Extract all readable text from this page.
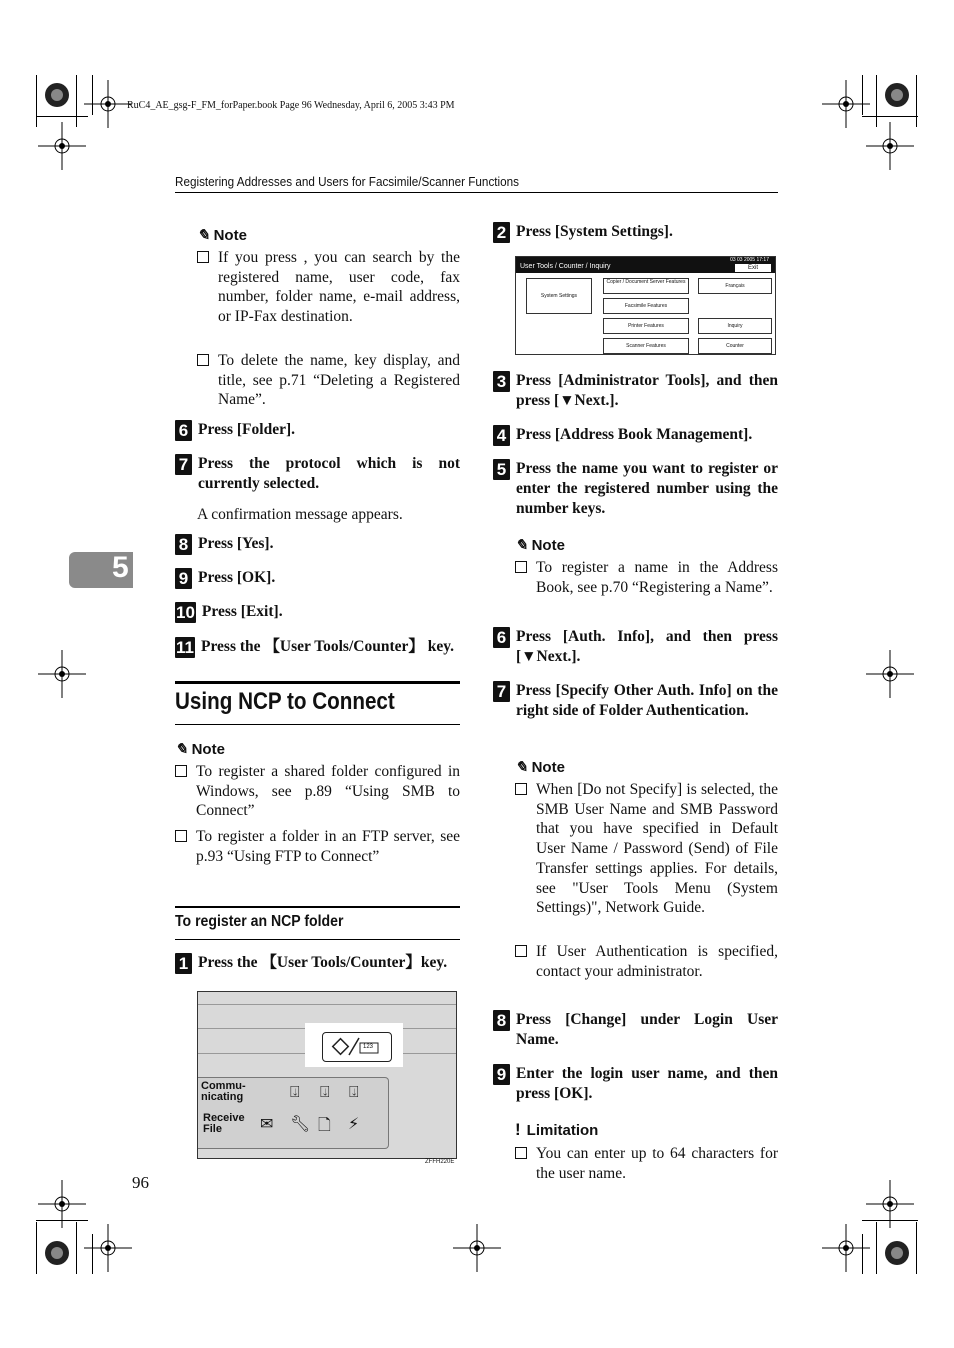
RuC4_AE_gsg-F_FM_forPaper.book Page 96 Wednesday, April 6, 2005 3:43 PM
Registering Addresses and Users for Facsimile/Scanner Functions
5
✎ Note
If you press , you can search by the registered name, user code, fax number, folder name, e-mail address, or IP-Fax destination.
To delete the name, key display, and title, see p.71 “Deleting a Registered Name”.
6 Press [Folder].
7 Press the protocol which is not currently selected.
A confirmation message appears.
8 Press [Yes].
9 Press [OK].
10 Press [Exit].
11 Press the 【User Tools/Counter】 key.
Using NCP to Connect
✎ Note
To register a shared folder configured in Windows, see p.89 “Using SMB to Connect”
To register a folder in an FTP server, see p.93 “Using FTP to Connect”
To register an NCP folder
1 Press the 【User Tools/Counter】key.
123
Commu-
nicating
Receive
File
⍗ ⍗ ⍗
✉ 🔧︎ 🗋︎ ⚡︎
ZFFH220E
96
2 Press [System Settings].
User Tools / Counter / Inquiry
03 03 2005 17:17
Exit
System Settings
Copier / Document Server Features
Facsimile Features
Printer Features
Scanner Features
Français
Inquiry
Counter
3 Press [Administrator Tools], and then press [▼Next.].
4 Press [Address Book Management].
5 Press the name you want to register or enter the registered number using the number keys.
✎ Note
To register a name in the Address Book, see p.70 “Registering a Name”.
6 Press [Auth. Info], and then press [▼Next.].
7 Press [Specify Other Auth. Info] on the right side of Folder Authentication.
✎ Note
When [Do not Specify] is selected, the SMB User Name and SMB Password that you have specified in Default User Name / Password (Send) of File Transfer settings applies. For details, see "User Tools Menu (System Settings)", Network Guide.
If User Authentication is specified, contact your administrator.
8 Press [Change] under Login User Name.
9 Enter the login user name, and then press [OK].
! Limitation
You can enter up to 64 characters for the user name.
